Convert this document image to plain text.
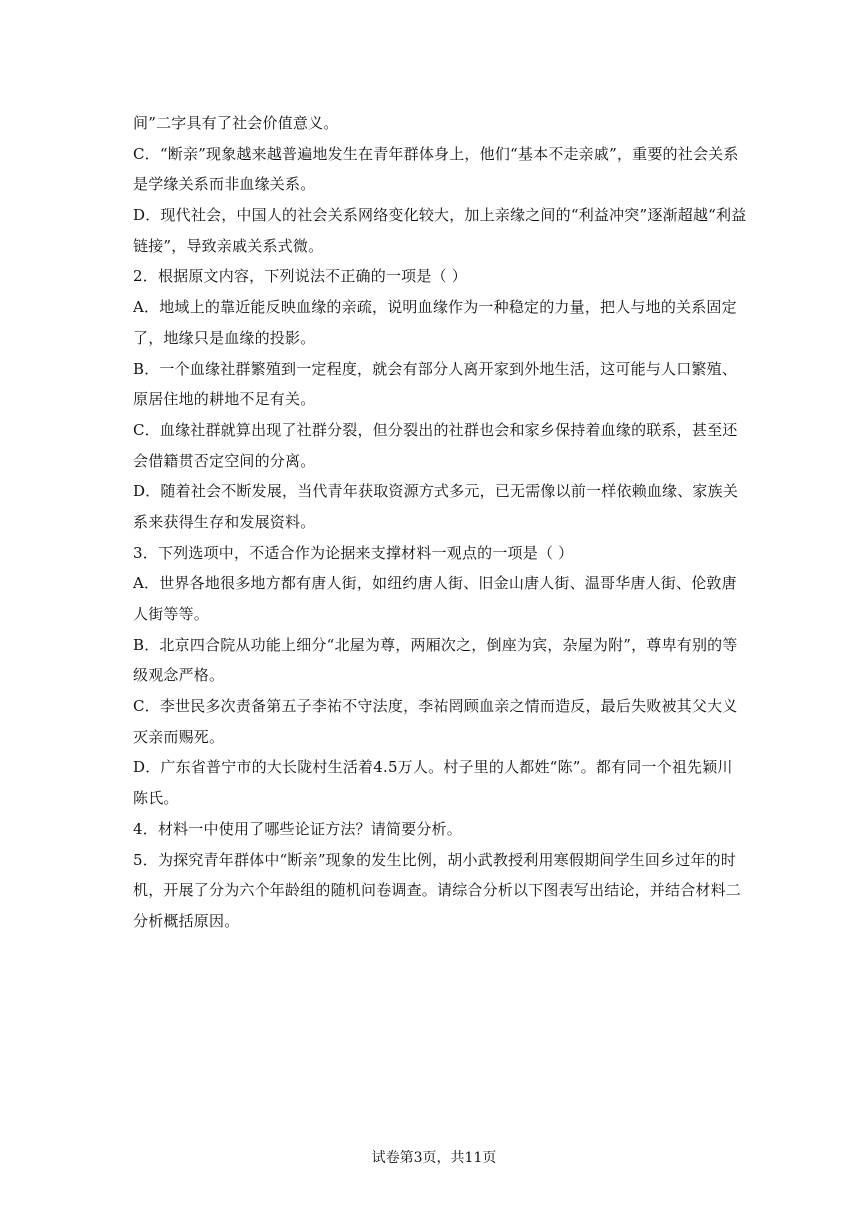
间”二字具有了社会价值意义。
C．“断亲”现象越来越普遍地发生在青年群体身上，他们“基本不走亲戚”，重要的社会关系
是学缘关系而非血缘关系。
D．现代社会，中国人的社会关系网络变化较大，加上亲缘之间的“利益冲突”逐渐超越“利益
链接”，导致亲戚关系式微。
2．根据原文内容，下列说法不正确的一项是（ ）
A．地域上的靠近能反映血缘的亲疏，说明血缘作为一种稳定的力量，把人与地的关系固定
了，地缘只是血缘的投影。
B．一个血缘社群繁殖到一定程度，就会有部分人离开家到外地生活，这可能与人口繁殖、
原居住地的耕地不足有关。
C．血缘社群就算出现了社群分裂，但分裂出的社群也会和家乡保持着血缘的联系，甚至还
会借籍贯否定空间的分离。
D．随着社会不断发展，当代青年获取资源方式多元，已无需像以前一样依赖血缘、家族关
系来获得生存和发展资料。
3．下列选项中，不适合作为论据来支撑材料一观点的一项是（ ）
A．世界各地很多地方都有唐人街，如纽约唐人街、旧金山唐人街、温哥华唐人街、伦敦唐
人街等等。
B．北京四合院从功能上细分“北屋为尊，两厢次之，倒座为宾，杂屋为附”，尊卑有别的等
级观念严格。
C．李世民多次责备第五子李祐不守法度，李祐罔顾血亲之情而造反，最后失败被其父大义
灭亲而赐死。
D．广东省普宁市的大长陇村生活着4.5万人。村子里的人都姓“陈”。都有同一个祖先颖川
陈氏。
4．材料一中使用了哪些论证方法？请简要分析。
5．为探究青年群体中“断亲”现象的发生比例，胡小武教授利用寒假期间学生回乡过年的时
机，开展了分为六个年龄组的随机问卷调查。请综合分析以下图表写出结论，并结合材料二
分析概括原因。
试卷第3页，共11页
